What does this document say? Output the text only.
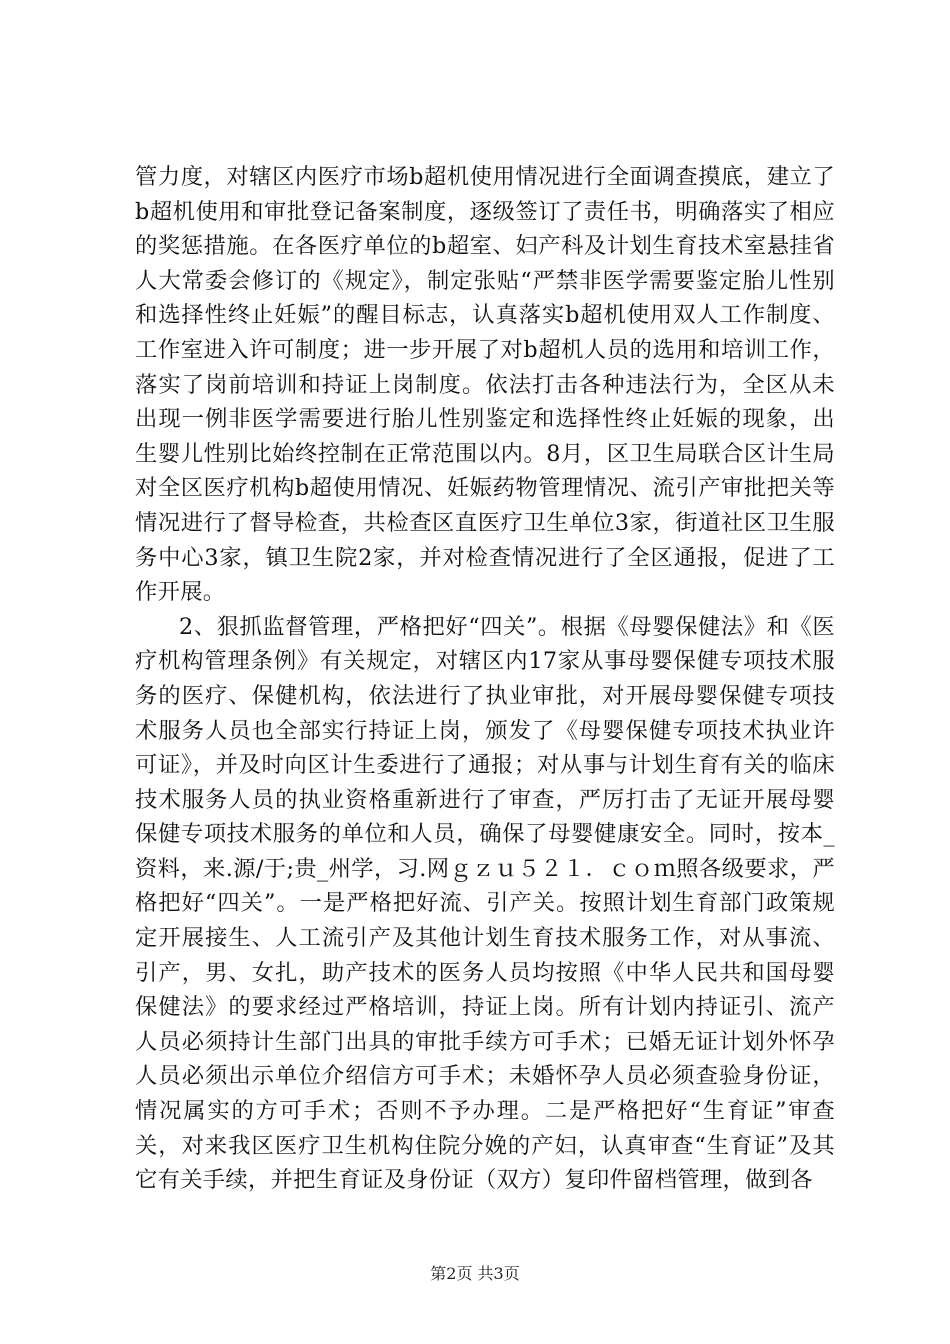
管力度，对辖区内医疗市场b超机使用情况进行全面调查摸底，建立了b超机使用和审批登记备案制度，逐级签订了责任书，明确落实了相应的奖惩措施。在各医疗单位的b超室、妇产科及计划生育技术室悬挂省人大常委会修订的《规定》，制定张贴“严禁非医学需要鉴定胎儿性别和选择性终止妊娠”的醒目标志，认真落实b超机使用双人工作制度、工作室进入许可制度；进一步开展了对b超机人员的选用和培训工作，落实了岗前培训和持证上岗制度。依法打击各种违法行为，全区从未出现一例非医学需要进行胎儿性别鉴定和选择性终止妊娠的现象，出生婴儿性别比始终控制在正常范围以内。8月，区卫生局联合区计生局对全区医疗机构b超使用情况、妊娠药物管理情况、流引产审批把关等情况进行了督导检查，共检查区直医疗卫生单位3家，街道社区卫生服务中心3家，镇卫生院2家，并对检查情况进行了全区通报，促进了工作开展。

2、狠抓监督管理，严格把好“四关”。根据《母婴保健法》和《医疗机构管理条例》有关规定，对辖区内17家从事母婴保健专项技术服务的医疗、保健机构，依法进行了执业审批，对开展母婴保健专项技术服务人员也全部实行持证上岗，颁发了《母婴保健专项技术执业许可证》，并及时向区计生委进行了通报；对从事与计划生育有关的临床技术服务人员的执业资格重新进行了审查，严厉打击了无证开展母婴保健专项技术服务的单位和人员，确保了母婴健康安全。同时，按本_资料，来.源/于;贵_州学，习.网ｇｚｕ５２１．ｃｏｍ照各级要求，严格把好“四关”。一是严格把好流、引产关。按照计划生育部门政策规定开展接生、人工流引产及其他计划生育技术服务工作，对从事流、引产，男、女扎，助产技术的医务人员均按照《中华人民共和国母婴保健法》的要求经过严格培训，持证上岗。所有计划内持证引、流产人员必须持计生部门出具的审批手续方可手术；已婚无证计划外怀孕人员必须出示单位介绍信方可手术；未婚怀孕人员必须查验身份证，情况属实的方可手术；否则不予办理。二是严格把好“生育证”审查关，对来我区医疗卫生机构住院分娩的产妇，认真审查“生育证”及其它有关手续，并把生育证及身份证（双方）复印件留档管理，做到各

第2页 共3页
